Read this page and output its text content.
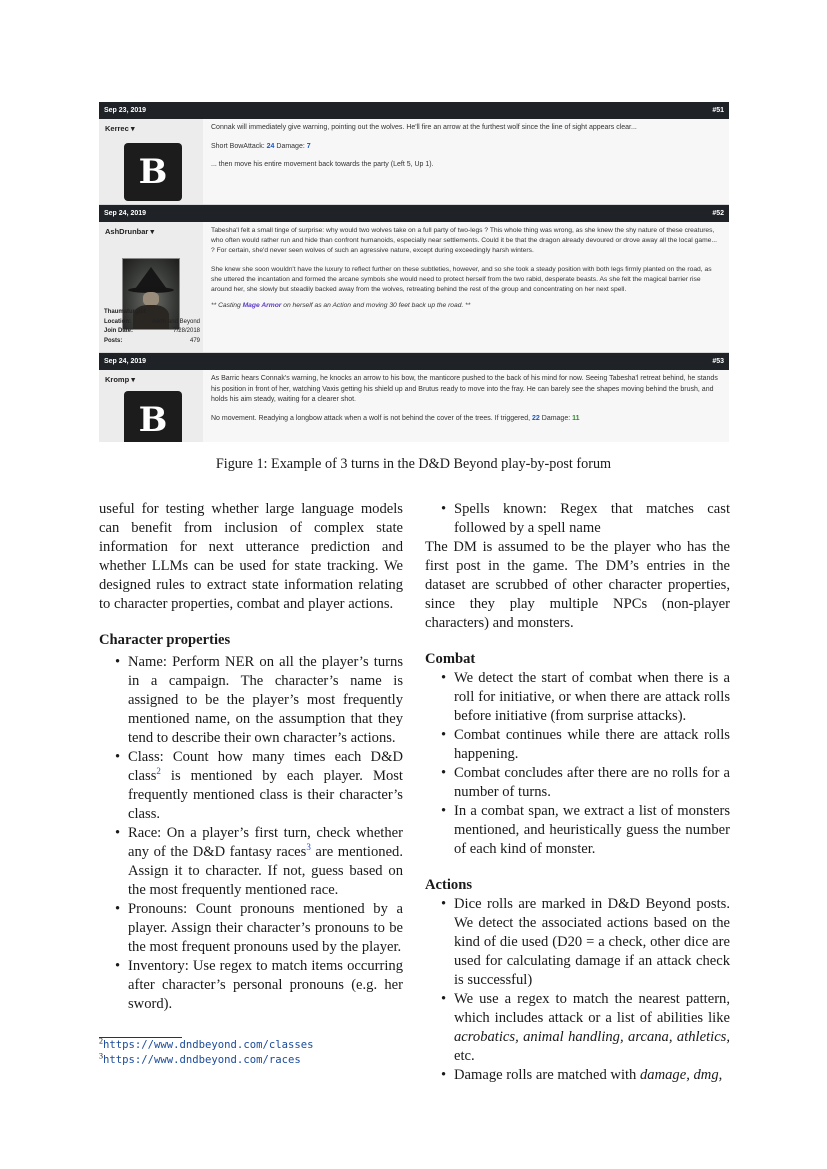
Sep 23, 2019	#51
Kerrec ▾
B

Connak will immediately give warning, pointing out the wolves. He'll fire an arrow at the furthest wolf since the line of sight appears clear...

Short BowAttack: 24 Damage: 7

... then move his entire movement back towards the party (Left 5, Up 1).

Sep 24, 2019	#52
AshDrunbar ▾
Thaumaturgist
Location:	Aerth and Beyond
Join Date:	7/28/2018
Posts:	479

Tabesha'l felt a small tinge of surprise: why would two wolves take on a full party of two-legs ? This whole thing was wrong, as she knew the shy nature of these creatures, who often would rather run and hide than confront humanoids, especially near settlements. Could it be that the dragon already devoured or drove away all the local game... ? For certain, she'd never seen wolves of such an agressive nature, except during exceedingly harsh winters.

She knew she soon wouldn't have the luxury to reflect further on these subtleties, however, and so she took a steady position with both legs firmly planted on the road, as she uttered the incantation and formed the arcane symbols she would need to protect herself from the two rabid, desperate beasts. As she felt the magical barrier rise around her, she slowly but steadily backed away from the wolves, retreating behind the rest of the group and concentrating on her next spell.

** Casting Mage Armor on herself as an Action and moving 30 feet back up the road. **

Sep 24, 2019	#53
Kromp ▾
B

As Barric hears Connak's warning, he knocks an arrow to his bow, the manticore pushed to the back of his mind for now. Seeing Tabesha'l retreat behind, he stands his position in front of her, watching Vaxis getting his shield up and Brutus ready to move into the fray. He can barely see the shapes moving behind the brush, and holds his aim steady, waiting for a clearer shot.

No movement. Readying a longbow attack when a wolf is not behind the cover of the trees. If triggered, 22 Damage: 11

Figure 1: Example of 3 turns in the D&D Beyond play-by-post forum

useful for testing whether large language models can benefit from inclusion of complex state information for next utterance prediction and whether LLMs can be used for state tracking. We designed rules to extract state information relating to character properties, combat and player actions.

Character properties

• Name: Perform NER on all the player’s turns in a campaign. The character’s name is assigned to be the player’s most frequently mentioned name, on the assumption that they tend to describe their own character’s actions.
• Class: Count how many times each D&D class$^2$ is mentioned by each player. Most frequently mentioned class is their character’s class.
• Race: On a player’s first turn, check whether any of the D&D fantasy races$^3$ are mentioned. Assign it to character. If not, guess based on the most frequently mentioned race.
• Pronouns: Count pronouns mentioned by a player. Assign their character’s pronouns to be the most frequent pronouns used by the player.
• Inventory: Use regex to match items occurring after character’s personal pronouns (e.g. her sword).
$^2$https://www.dndbeyond.com/classes
$^3$https://www.dndbeyond.com/races
• Spells known: Regex that matches cast followed by a spell name

The DM is assumed to be the player who has the first post in the game. The DM’s entries in the dataset are scrubbed of other character properties, since they play multiple NPCs (non-player characters) and monsters.

Combat

• We detect the start of combat when there is a roll for initiative, or when there are attack rolls before initiative (from surprise attacks).
• Combat continues while there are attack rolls happening.
• Combat concludes after there are no rolls for a number of turns.
• In a combat span, we extract a list of monsters mentioned, and heuristically guess the number of each kind of monster.

Actions

• Dice rolls are marked in D&D Beyond posts. We detect the associated actions based on the kind of die used (D20 = a check, other dice are used for calculating damage if an attack check is successful)
• We use a regex to match the nearest pattern, which includes attack or a list of abilities like acrobatics, animal handling, arcana, athletics, etc.
• Damage rolls are matched with damage, dmg,
